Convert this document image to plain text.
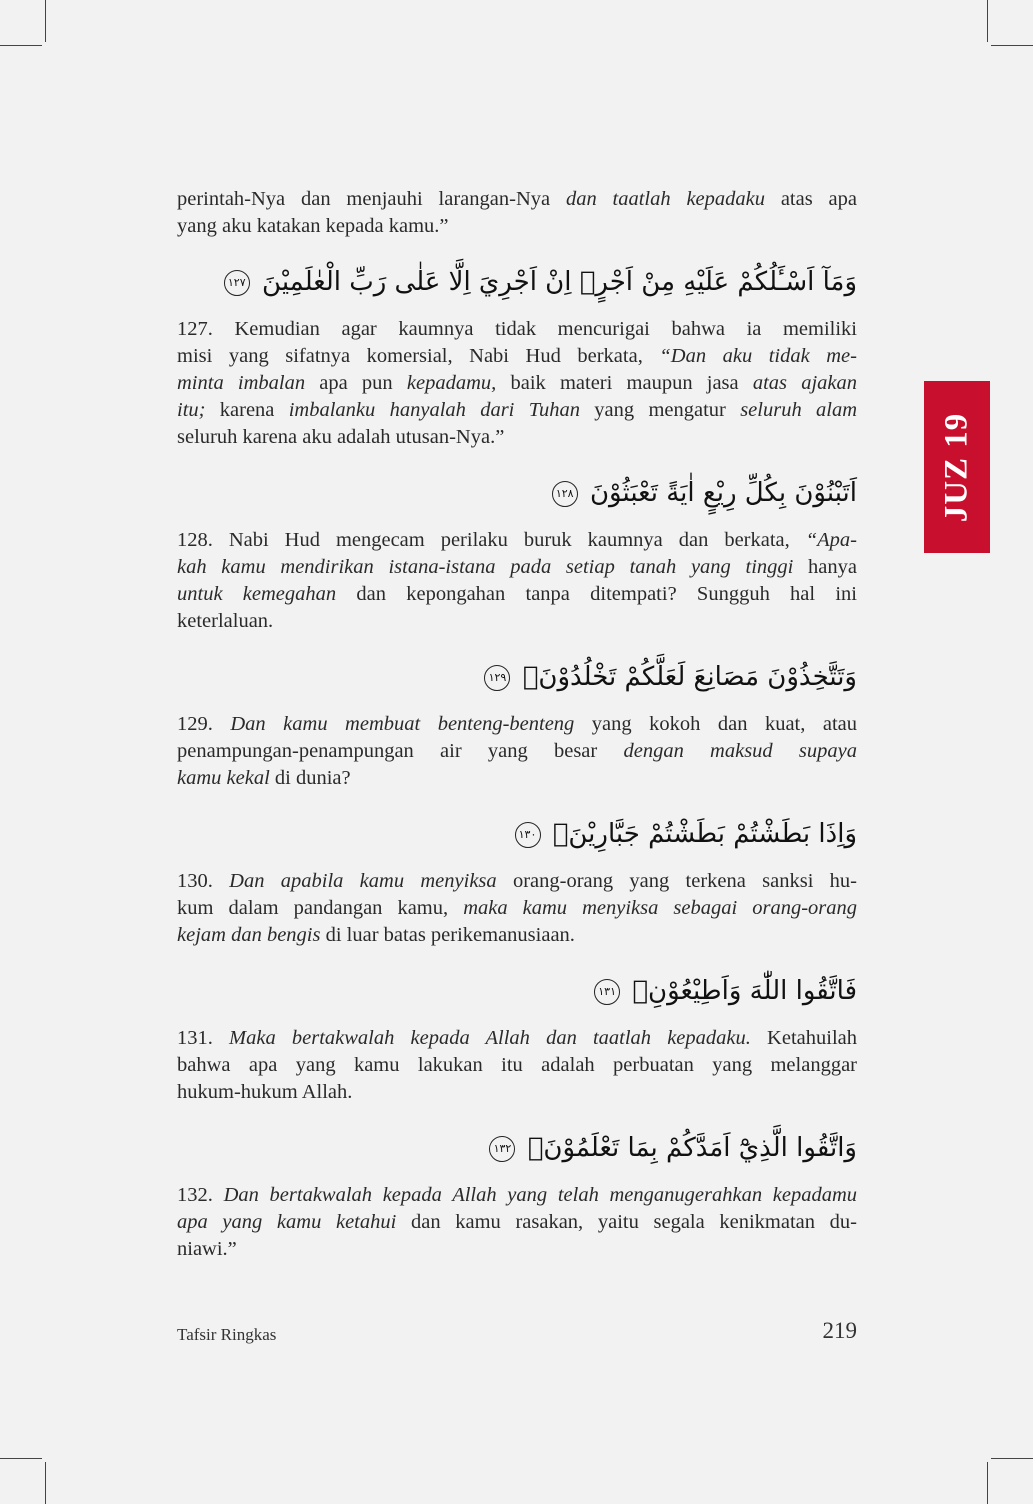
JUZ 19

perintah-Nya dan menjauhi larangan-Nya dan taatlah kepadaku atas apa
yang aku katakan kepada kamu.”

وَمَآ اَسْـَٔلُكُمْ عَلَيْهِ مِنْ اَجْرٍۚ اِنْ اَجْرِيَ اِلَّا عَلٰى رَبِّ الْعٰلَمِيْنَ ١٢٧

127. Kemudian agar kaumnya tidak mencurigai bahwa ia memiliki
misi yang sifatnya komersial, Nabi Hud berkata, “Dan aku tidak me-
minta imbalan apa pun kepadamu, baik materi maupun jasa atas ajakan
itu; karena imbalanku hanyalah dari Tuhan yang mengatur seluruh alam
seluruh karena aku adalah utusan-Nya.”

اَتَبْنُوْنَ بِكُلِّ رِيْعٍ اٰيَةً تَعْبَثُوْنَ ١٢٨

128. Nabi Hud mengecam perilaku buruk kaumnya dan berkata, “Apa-
kah kamu mendirikan istana-istana pada setiap tanah yang tinggi hanya
untuk kemegahan dan kepongahan tanpa ditempati? Sungguh hal ini
keterlaluan.

وَتَتَّخِذُوْنَ مَصَانِعَ لَعَلَّكُمْ تَخْلُدُوْنَۚ ١٢٩

129. Dan kamu membuat benteng-benteng yang kokoh dan kuat, atau
penampungan-penampungan air yang besar dengan maksud supaya
kamu kekal di dunia?

وَاِذَا بَطَشْتُمْ بَطَشْتُمْ جَبَّارِيْنَۚ ١٣٠

130. Dan apabila kamu menyiksa orang-orang yang terkena sanksi hu-
kum dalam pandangan kamu, maka kamu menyiksa sebagai orang-orang
kejam dan bengis di luar batas perikemanusiaan.

فَاتَّقُوا اللّٰهَ وَاَطِيْعُوْنِۚ ١٣١

131. Maka bertakwalah kepada Allah dan taatlah kepadaku. Ketahuilah
bahwa apa yang kamu lakukan itu adalah perbuatan yang melanggar
hukum-hukum Allah.

وَاتَّقُوا الَّذِيْٓ اَمَدَّكُمْ بِمَا تَعْلَمُوْنَۚ ١٣٢

132. Dan bertakwalah kepada Allah yang telah menganugerahkan kepadamu
apa yang kamu ketahui dan kamu rasakan, yaitu segala kenikmatan du-
niawi.”

Tafsir Ringkas	219
